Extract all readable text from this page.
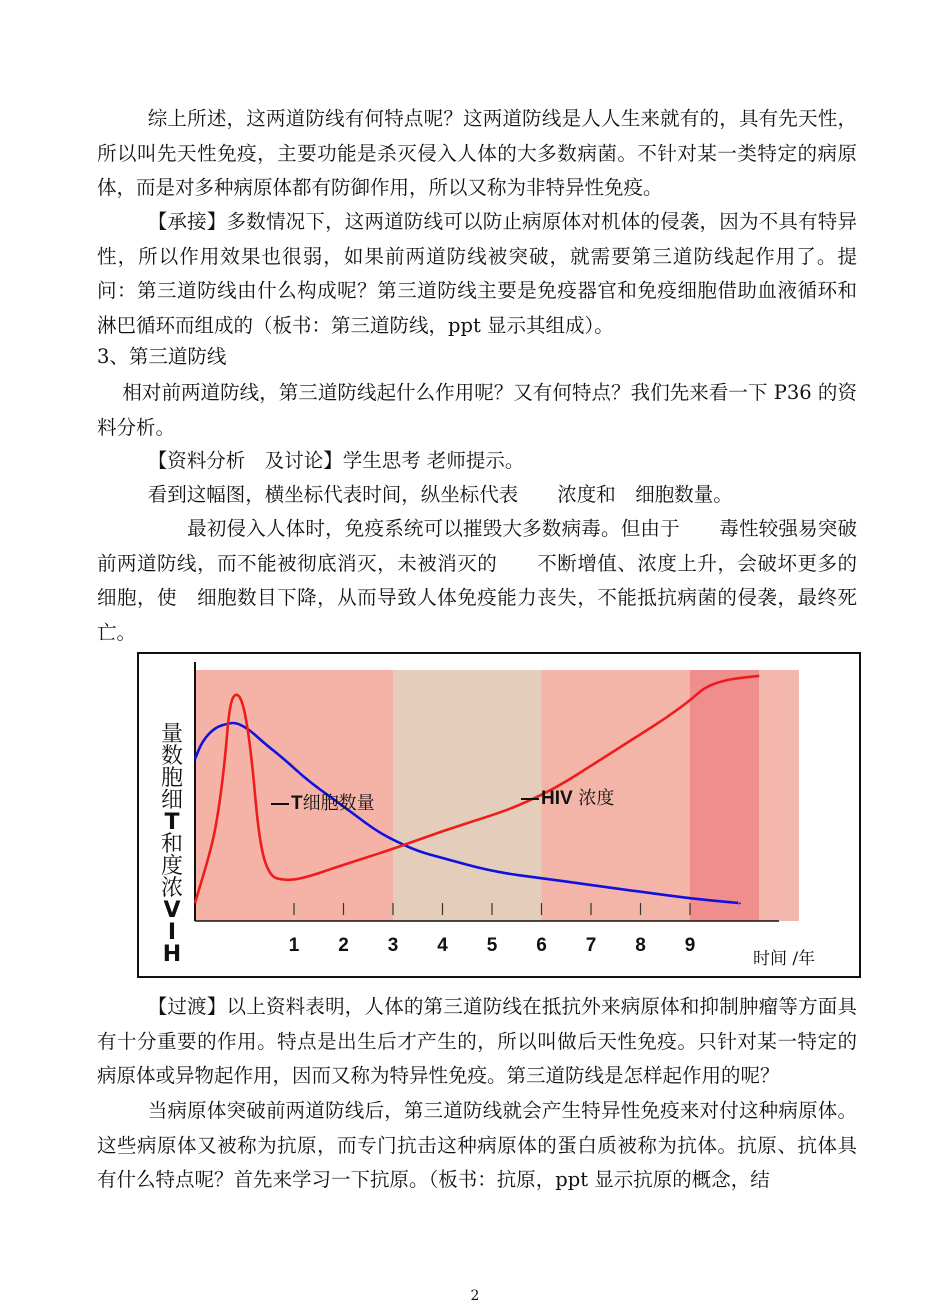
综上所述，这两道防线有何特点呢？这两道防线是人人生来就有的，具有先天性，所以叫先天性免疫，主要功能是杀灭侵入人体的大多数病菌。不针对某一类特定的病原体，而是对多种病原体都有防御作用，所以又称为非特异性免疫。

【承接】多数情况下，这两道防线可以防止病原体对机体的侵袭，因为不具有特异性，所以作用效果也很弱，如果前两道防线被突破，就需要第三道防线起作用了。提问：第三道防线由什么构成呢？第三道防线主要是免疫器官和免疫细胞借助血液循环和淋巴循环而组成的（板书：第三道防线，ppt 显示其组成）。

3、第三道防线

相对前两道防线，第三道防线起什么作用呢？又有何特点？我们先来看一下 P36 的资料分析。

【资料分析　及讨论】学生思考 老师提示。

看到这幅图，横坐标代表时间，纵坐标代表　　浓度和　细胞数量。

　　最初侵入人体时，免疫系统可以摧毁大多数病毒。但由于　　毒性较强易突破前两道防线，而不能被彻底消灭，未被消灭的　　不断增值、浓度上升，会破坏更多的　细胞，使　细胞数目下降，从而导致人体免疫能力丧失，不能抵抗病菌的侵袭，最终死亡。

量
数
胞
细
T
和
度
浓
V
I
H	1 2 3 4 5 6 7 8 9
T细胞数量	HIV 浓度
时间 /年

【过渡】以上资料表明，人体的第三道防线在抵抗外来病原体和抑制肿瘤等方面具有十分重要的作用。特点是出生后才产生的，所以叫做后天性免疫。只针对某一特定的病原体或异物起作用，因而又称为特异性免疫。第三道防线是怎样起作用的呢？

当病原体突破前两道防线后，第三道防线就会产生特异性免疫来对付这种病原体。这些病原体又被称为抗原，而专门抗击这种病原体的蛋白质被称为抗体。抗原、抗体具有什么特点呢？首先来学习一下抗原。（板书：抗原，ppt 显示抗原的概念，结

2
